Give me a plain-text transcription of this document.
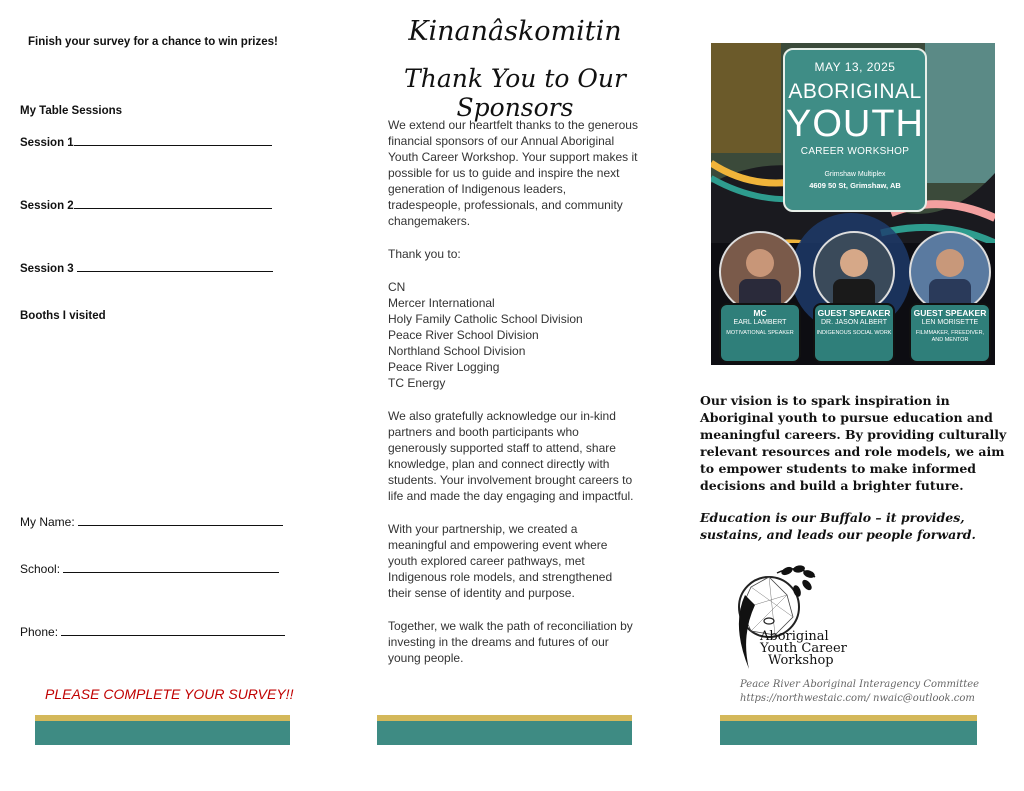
Finish your survey for a chance to win prizes!
My Table Sessions
Session 1
Session 2
Session 3
Booths I visited
My Name:
School:
Phone:
PLEASE COMPLETE YOUR SURVEY!!
Kinanâskomitin
Thank You to Our Sponsors

We extend our heartfelt thanks to the generous financial sponsors of our Annual Aboriginal Youth Career Workshop. Your support makes it possible for us to guide and inspire the next generation of Indigenous leaders, tradespeople, professionals, and community changemakers.

Thank you to:

CN
Mercer International
Holy Family Catholic School Division
Peace River School Division
Northland School Division
Peace River Logging
TC Energy

We also gratefully acknowledge our in-kind partners and booth participants who generously supported staff to attend, share knowledge, plan and connect directly with students. Your involvement brought careers to life and made the day engaging and impactful.

With your partnership, we created a meaningful and empowering event where youth explored career pathways, met Indigenous role models, and strengthened their sense of identity and purpose.

Together, we walk the path of reconciliation by investing in the dreams and futures of our young people.

MAY 13, 2025
ABORIGINAL
YOUTH
CAREER WORKSHOP
Grimshaw Multiplex
4609 50 St, Grimshaw, AB
MC
EARL LAMBERT
MOTIVATIONAL SPEAKER
GUEST SPEAKER
DR. JASON ALBERT
INDIGENOUS SOCIAL WORK
GUEST SPEAKER
LEN MORISETTE
FILMMAKER, FREEDIVER, AND MENTOR
Our vision is to spark inspiration in Aboriginal youth to pursue education and meaningful careers. By providing culturally relevant resources and role models, we aim to empower students to make informed decisions and build a brighter future.
Education is our Buffalo – it provides, sustains, and leads our people forward.
Aboriginal
Youth Career
Workshop
Peace River Aboriginal Interagency Committee
https://northwestaic.com/ nwaic@outlook.com
